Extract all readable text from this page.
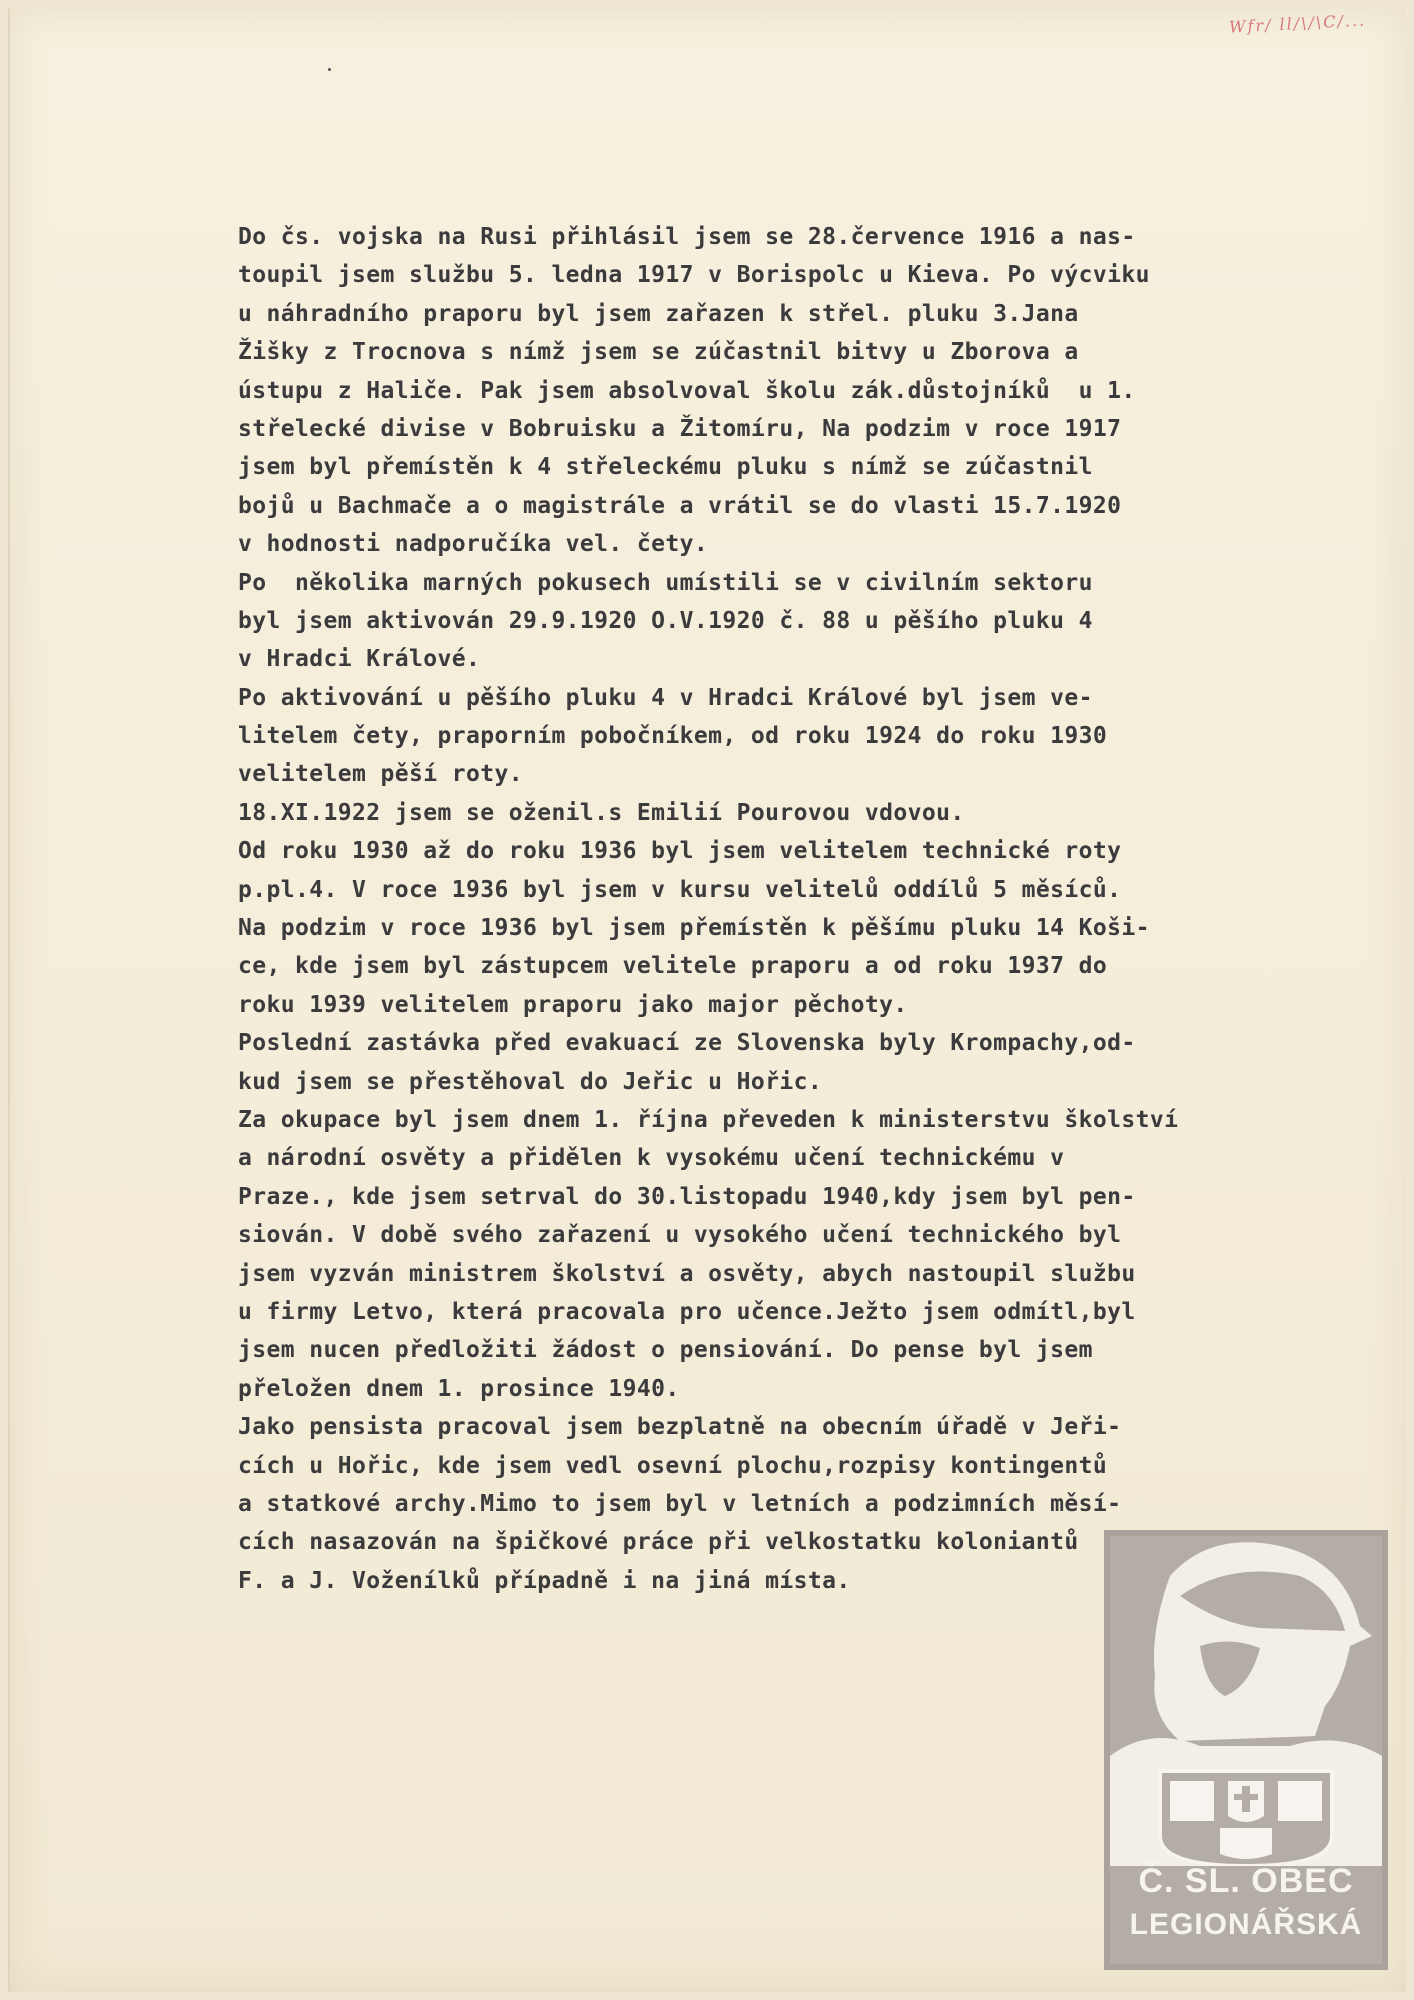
Wfr/ ll/\/\C/...
Do čs. vojska na Rusi přihlásil jsem se 28.července 1916 a nas-
toupil jsem službu 5. ledna 1917 v Borispolc u Kieva. Po výcviku
u náhradního praporu byl jsem zařazen k střel. pluku 3.Jana
Žišky z Trocnova s nímž jsem se zúčastnil bitvy u Zborova a
ústupu z Haliče. Pak jsem absolvoval školu zák.důstojníků  u 1.
střelecké divise v Bobruisku a Žitomíru, Na podzim v roce 1917
jsem byl přemístěn k 4 střeleckému pluku s nímž se zúčastnil
bojů u Bachmače a o magistrále a vrátil se do vlasti 15.7.1920
v hodnosti nadporučíka vel. čety.
Po  několika marných pokusech umístili se v civilním sektoru
byl jsem aktivován 29.9.1920 O.V.1920 č. 88 u pěšího pluku 4
v Hradci Králové.
Po aktivování u pěšího pluku 4 v Hradci Králové byl jsem ve-
litelem čety, praporním pobočníkem, od roku 1924 do roku 1930
velitelem pěší roty.
18.XI.1922 jsem se oženil.s Emilií Pourovou vdovou.
Od roku 1930 až do roku 1936 byl jsem velitelem technické roty
p.pl.4. V roce 1936 byl jsem v kursu velitelů oddílů 5 měsíců.
Na podzim v roce 1936 byl jsem přemístěn k pěšímu pluku 14 Koši-
ce, kde jsem byl zástupcem velitele praporu a od roku 1937 do
roku 1939 velitelem praporu jako major pěchoty.
Poslední zastávka před evakuací ze Slovenska byly Krompachy,od-
kud jsem se přestěhoval do Jeřic u Hořic.
Za okupace byl jsem dnem 1. října převeden k ministerstvu školství
a národní osvěty a přidělen k vysokému učení technickému v
Praze., kde jsem setrval do 30.listopadu 1940,kdy jsem byl pen-
siován. V době svého zařazení u vysokého učení technického byl
jsem vyzván ministrem školství a osvěty, abych nastoupil službu
u firmy Letvo, která pracovala pro učence.Ježto jsem odmítl,byl
jsem nucen předložiti žádost o pensiování. Do pense byl jsem
přeložen dnem 1. prosince 1940.
Jako pensista pracoval jsem bezplatně na obecním úřadě v Jeři-
cích u Hořic, kde jsem vedl osevní plochu,rozpisy kontingentů
a statkové archy.Mimo to jsem byl v letních a podzimních měsí-
cích nasazován na špičkové práce při velkostatku koloniantů
F. a J. Voženílků případně i na jiná místa.
Č. SL. OBEC
LEGIONÁŘSKÁ
